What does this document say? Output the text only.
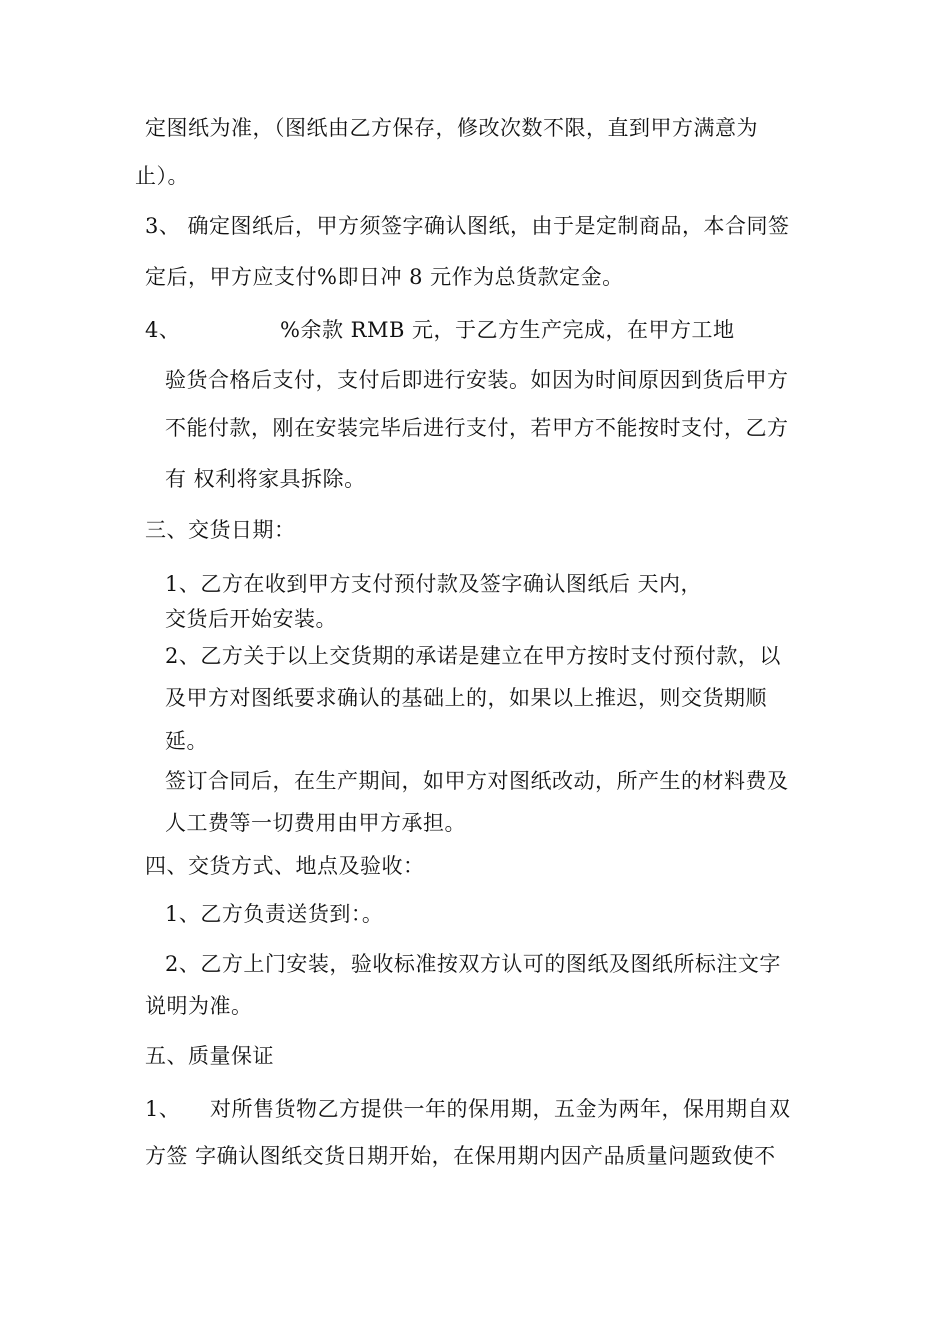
定图纸为准，（图纸由乙方保存，修改次数不限，直到甲方满意为
止）。
3、 确定图纸后，甲方须签字确认图纸，由于是定制商品，本合同签
定后，甲方应支付%即日冲 8 元作为总货款定金。
4、	%余款 RMB 元，于乙方生产完成，在甲方工地
验货合格后支付，支付后即进行安装。如因为时间原因到货后甲方
不能付款，刚在安装完毕后进行支付，若甲方不能按时支付，乙方
有 权利将家具拆除。
三、交货日期：
1、乙方在收到甲方支付预付款及签字确认图纸后 天内，
交货后开始安装。
2、乙方关于以上交货期的承诺是建立在甲方按时支付预付款，以
及甲方对图纸要求确认的基础上的，如果以上推迟，则交货期顺
延。
签订合同后，在生产期间，如甲方对图纸改动，所产生的材料费及
人工费等一切费用由甲方承担。
四、交货方式、地点及验收：
1、乙方负责送货到：。
2、乙方上门安装，验收标准按双方认可的图纸及图纸所标注文字
说明为准。
五、质量保证
1、 对所售货物乙方提供一年的保用期，五金为两年，保用期自双
方签 字确认图纸交货日期开始，在保用期内因产品质量问题致使不
